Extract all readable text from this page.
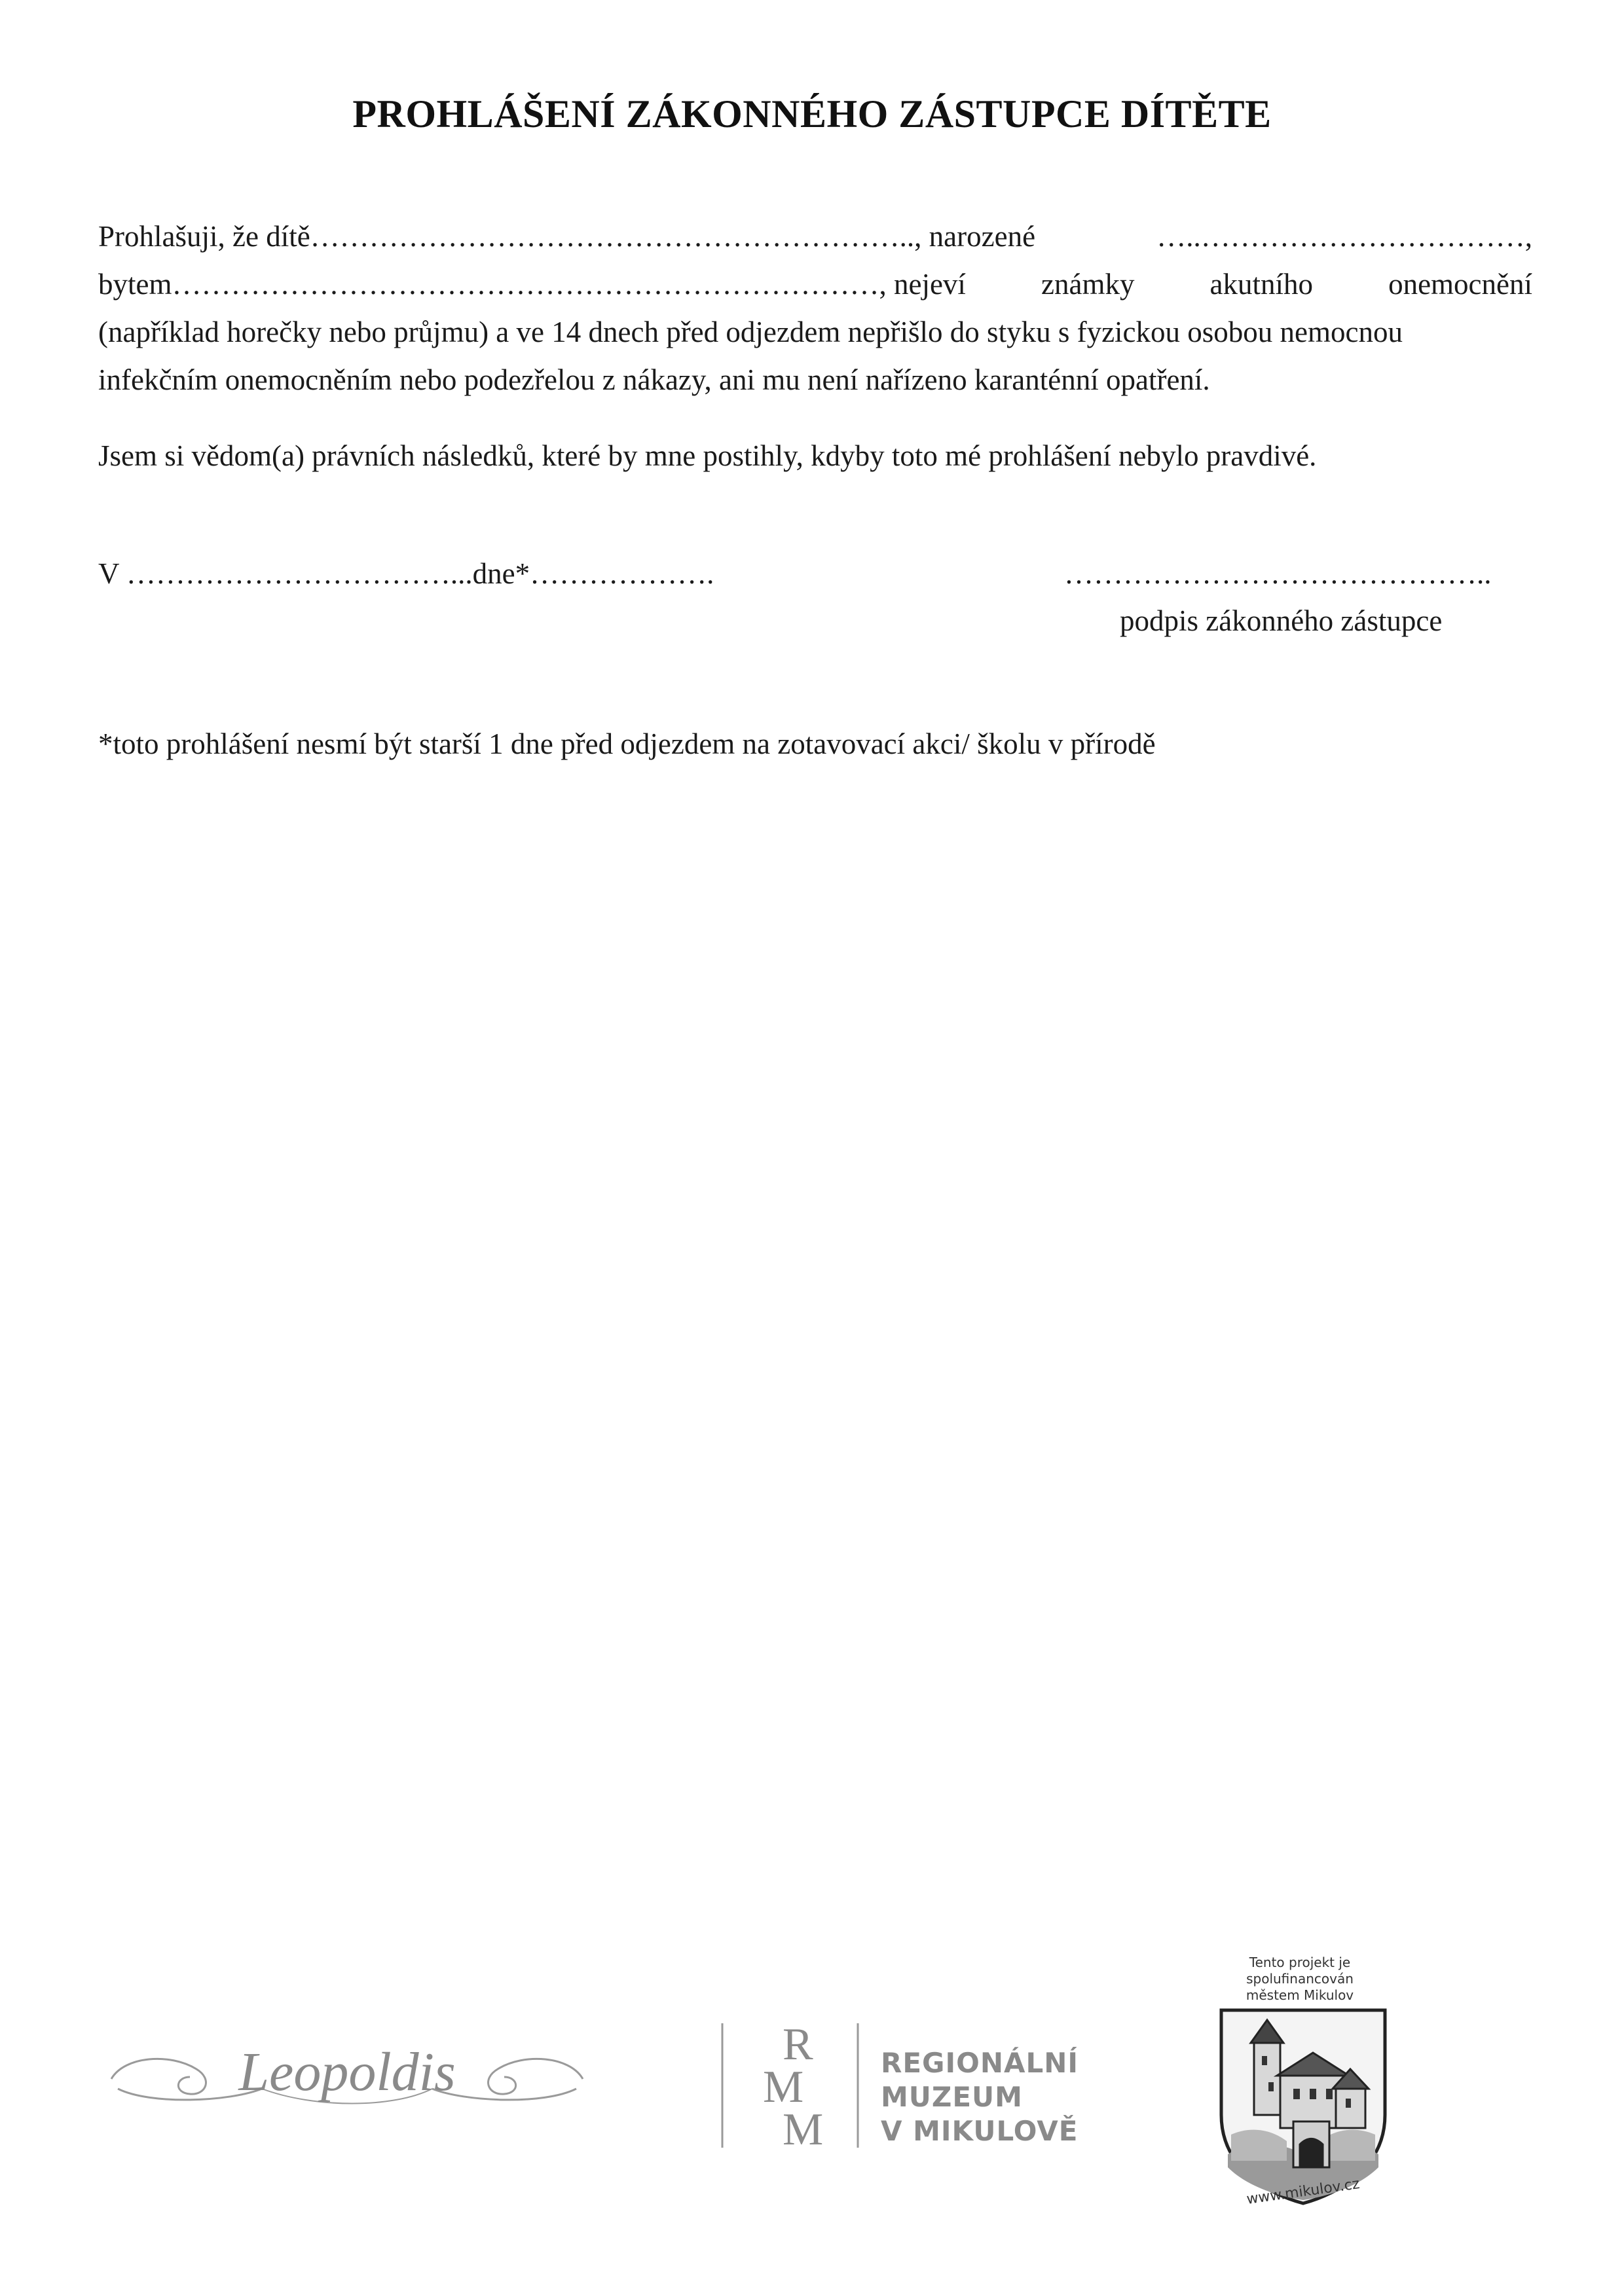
PROHLÁŠENÍ ZÁKONNÉHO ZÁSTUPCE DÍTĚTE
Prohlašuji, že dítě…………………………………………………….., narozené	…..……………………………,
bytem………………………………………………………………, nejeví	známky	akutního	onemocnění
(například horečky nebo průjmu) a ve 14 dnech před odjezdem nepřišlo do styku s fyzickou osobou nemocnou
infekčním onemocněním nebo podezřelou z nákazy, ani mu není nařízeno karanténní opatření.
Jsem si vědom(a) právních následků, které by mne postihly, kdyby toto mé prohlášení nebylo pravdivé.
V ……………………………...dne*……………….	……………………………………..
podpis zákonného zástupce
*toto prohlášení nesmí být starší 1 dne před odjezdem na zotavovací akci/ školu v přírodě
Leopoldis	R
M
M
REGIONÁLNÍ
MUZEUM
V MIKULOVĚ
Tento projekt je
spolufinancován
městem Mikulov
www.mikulov.cz
